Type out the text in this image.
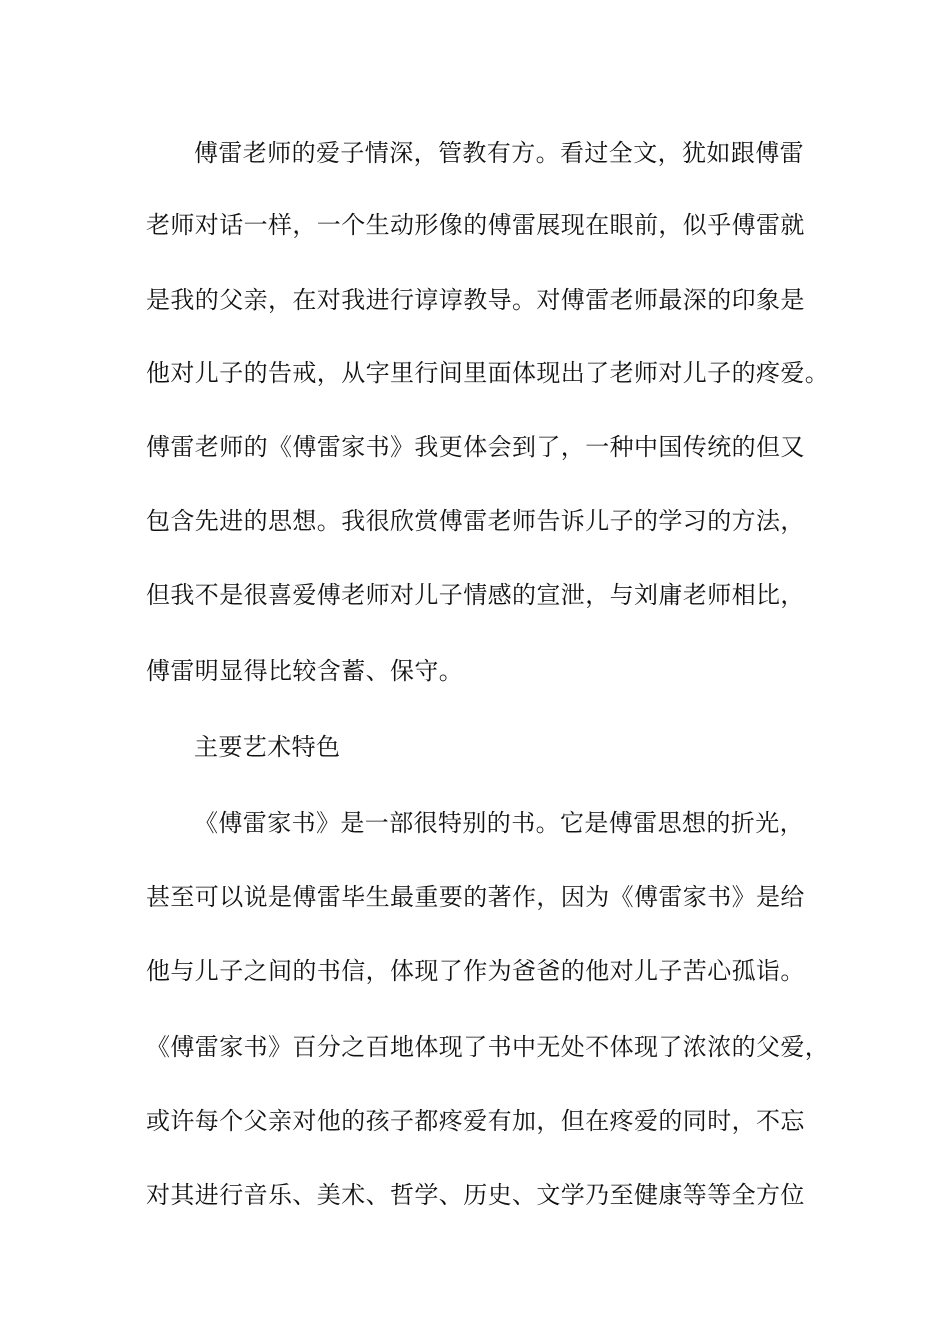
傅雷老师的爱子情深，管教有方。看过全文，犹如跟傅雷
老师对话一样，一个生动形像的傅雷展现在眼前，似乎傅雷就
是我的父亲，在对我进行谆谆教导。对傅雷老师最深的印象是
他对儿子的告戒，从字里行间里面体现出了老师对儿子的疼爱。
傅雷老师的《傅雷家书》我更体会到了，一种中国传统的但又
包含先进的思想。我很欣赏傅雷老师告诉儿子的学习的方法，
但我不是很喜爱傅老师对儿子情感的宣泄，与刘庸老师相比，
傅雷明显得比较含蓄、保守。
主要艺术特色
《傅雷家书》是一部很特别的书。它是傅雷思想的折光，
甚至可以说是傅雷毕生最重要的著作，因为《傅雷家书》是给
他与儿子之间的书信，体现了作为爸爸的他对儿子苦心孤诣。
《傅雷家书》百分之百地体现了书中无处不体现了浓浓的父爱，
或许每个父亲对他的孩子都疼爱有加，但在疼爱的同时，不忘
对其进行音乐、美术、哲学、历史、文学乃至健康等等全方位
